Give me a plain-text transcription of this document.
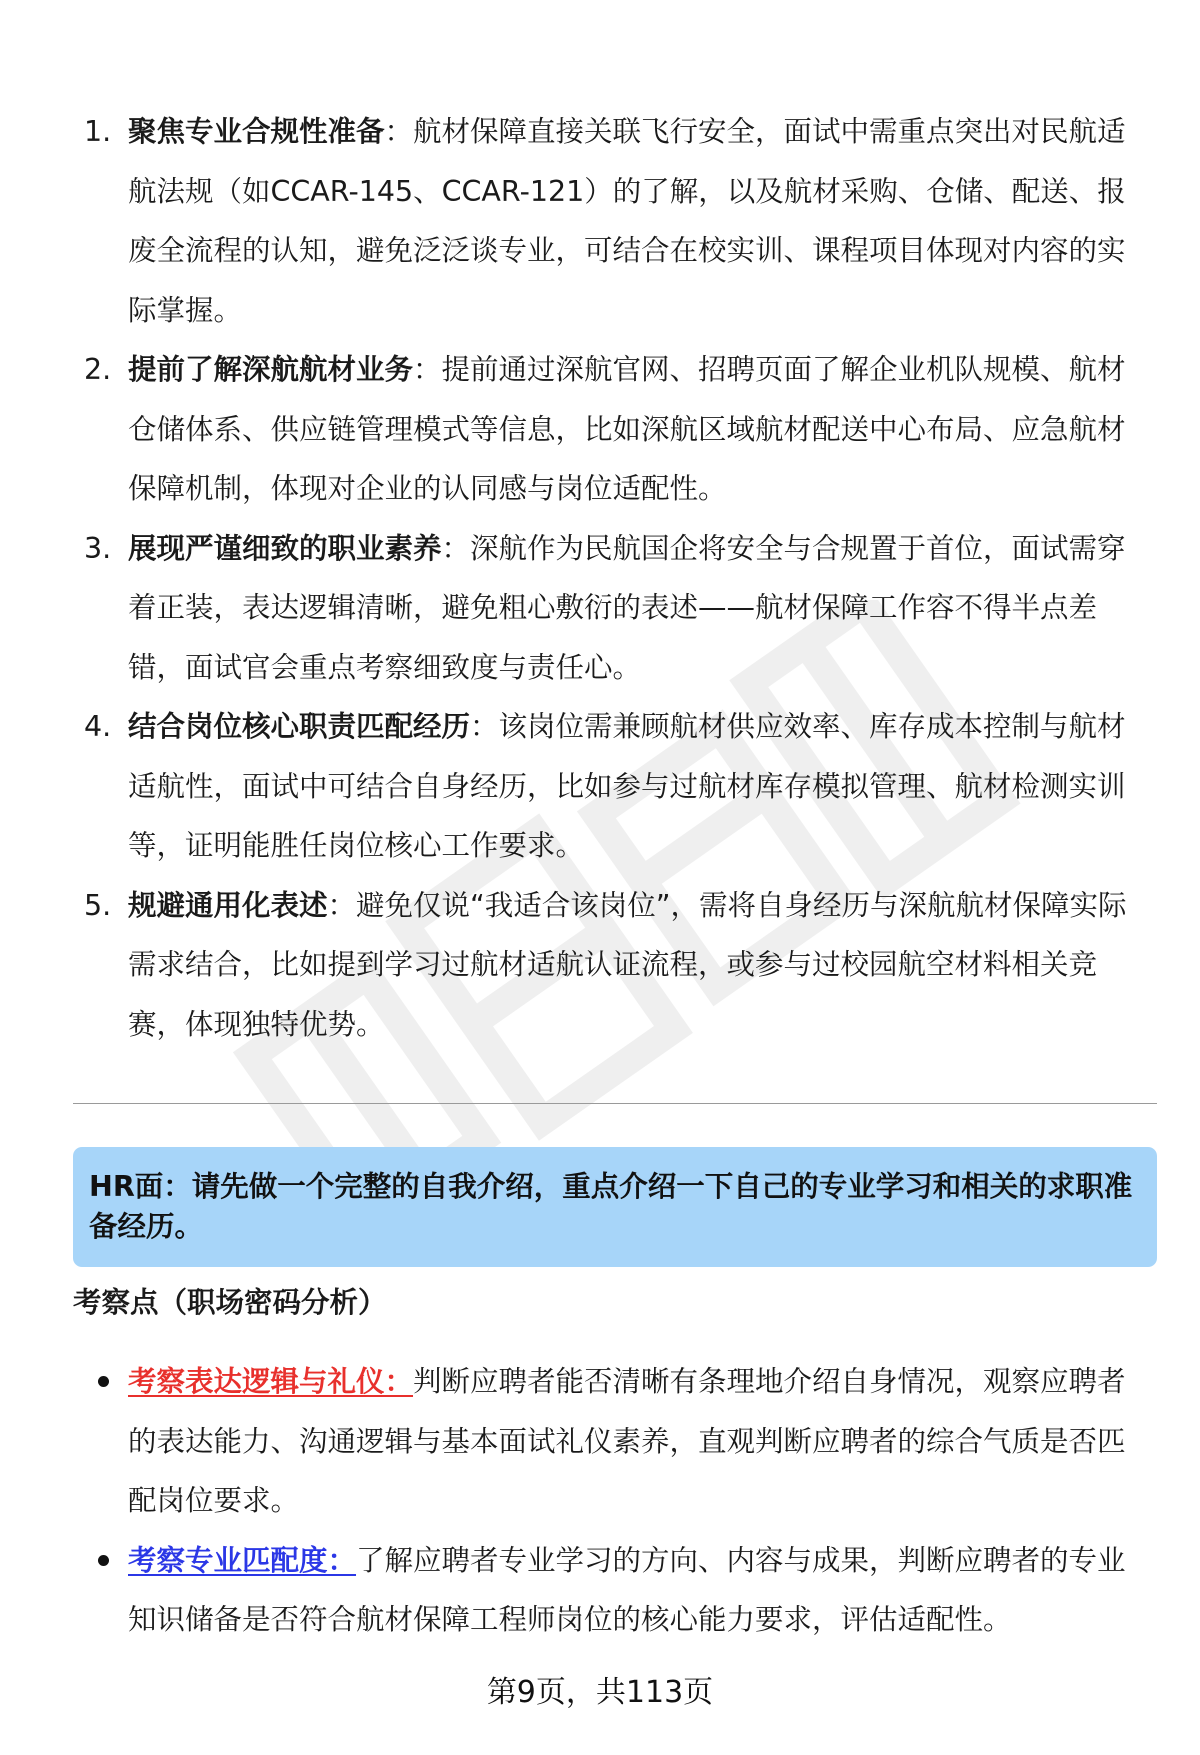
1. 聚焦专业合规性准备：航材保障直接关联飞行安全，面试中需重点突出对民航适航法规（如CCAR-145、CCAR-121）的了解，以及航材采购、仓储、配送、报废全流程的认知，避免泛泛谈专业，可结合在校实训、课程项目体现对内容的实际掌握。
2. 提前了解深航航材业务：提前通过深航官网、招聘页面了解企业机队规模、航材仓储体系、供应链管理模式等信息，比如深航区域航材配送中心布局、应急航材保障机制，体现对企业的认同感与岗位适配性。
3. 展现严谨细致的职业素养：深航作为民航国企将安全与合规置于首位，面试需穿着正装，表达逻辑清晰，避免粗心敷衍的表述——航材保障工作容不得半点差错，面试官会重点考察细致度与责任心。
4. 结合岗位核心职责匹配经历：该岗位需兼顾航材供应效率、库存成本控制与航材适航性，面试中可结合自身经历，比如参与过航材库存模拟管理、航材检测实训等，证明能胜任岗位核心工作要求。
5. 规避通用化表述：避免仅说“我适合该岗位”，需将自身经历与深航航材保障实际需求结合，比如提到学习过航材适航认证流程，或参与过校园航空材料相关竞赛，体现独特优势。

HR面：请先做一个完整的自我介绍，重点介绍一下自己的专业学习和相关的求职准备经历。

考察点（职场密码分析）

考察表达逻辑与礼仪：判断应聘者能否清晰有条理地介绍自身情况，观察应聘者的表达能力、沟通逻辑与基本面试礼仪素养，直观判断应聘者的综合气质是否匹配岗位要求。
考察专业匹配度：了解应聘者专业学习的方向、内容与成果，判断应聘者的专业知识储备是否符合航材保障工程师岗位的核心能力要求，评估适配性。
第9页，共113页
